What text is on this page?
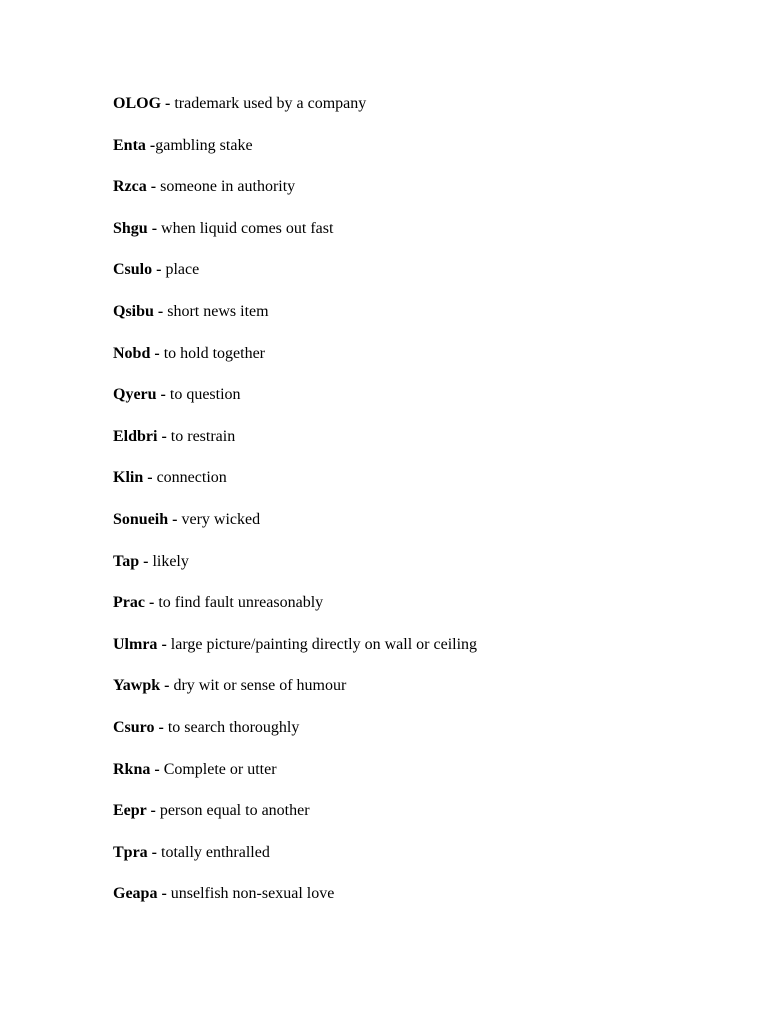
OLOG - trademark used by a company
Enta -gambling stake
Rzca - someone in authority
Shgu - when liquid comes out fast
Csulo - place
Qsibu - short news item
Nobd - to hold together
Qyeru - to question
Eldbri - to restrain
Klin - connection
Sonueih - very wicked
Tap - likely
Prac - to find fault unreasonably
Ulmra - large picture/painting directly on wall or ceiling
Yawpk - dry wit or sense of humour
Csuro - to search thoroughly
Rkna - Complete or utter
Eepr - person equal to another
Tpra - totally enthralled
Geapa - unselfish non-sexual love
